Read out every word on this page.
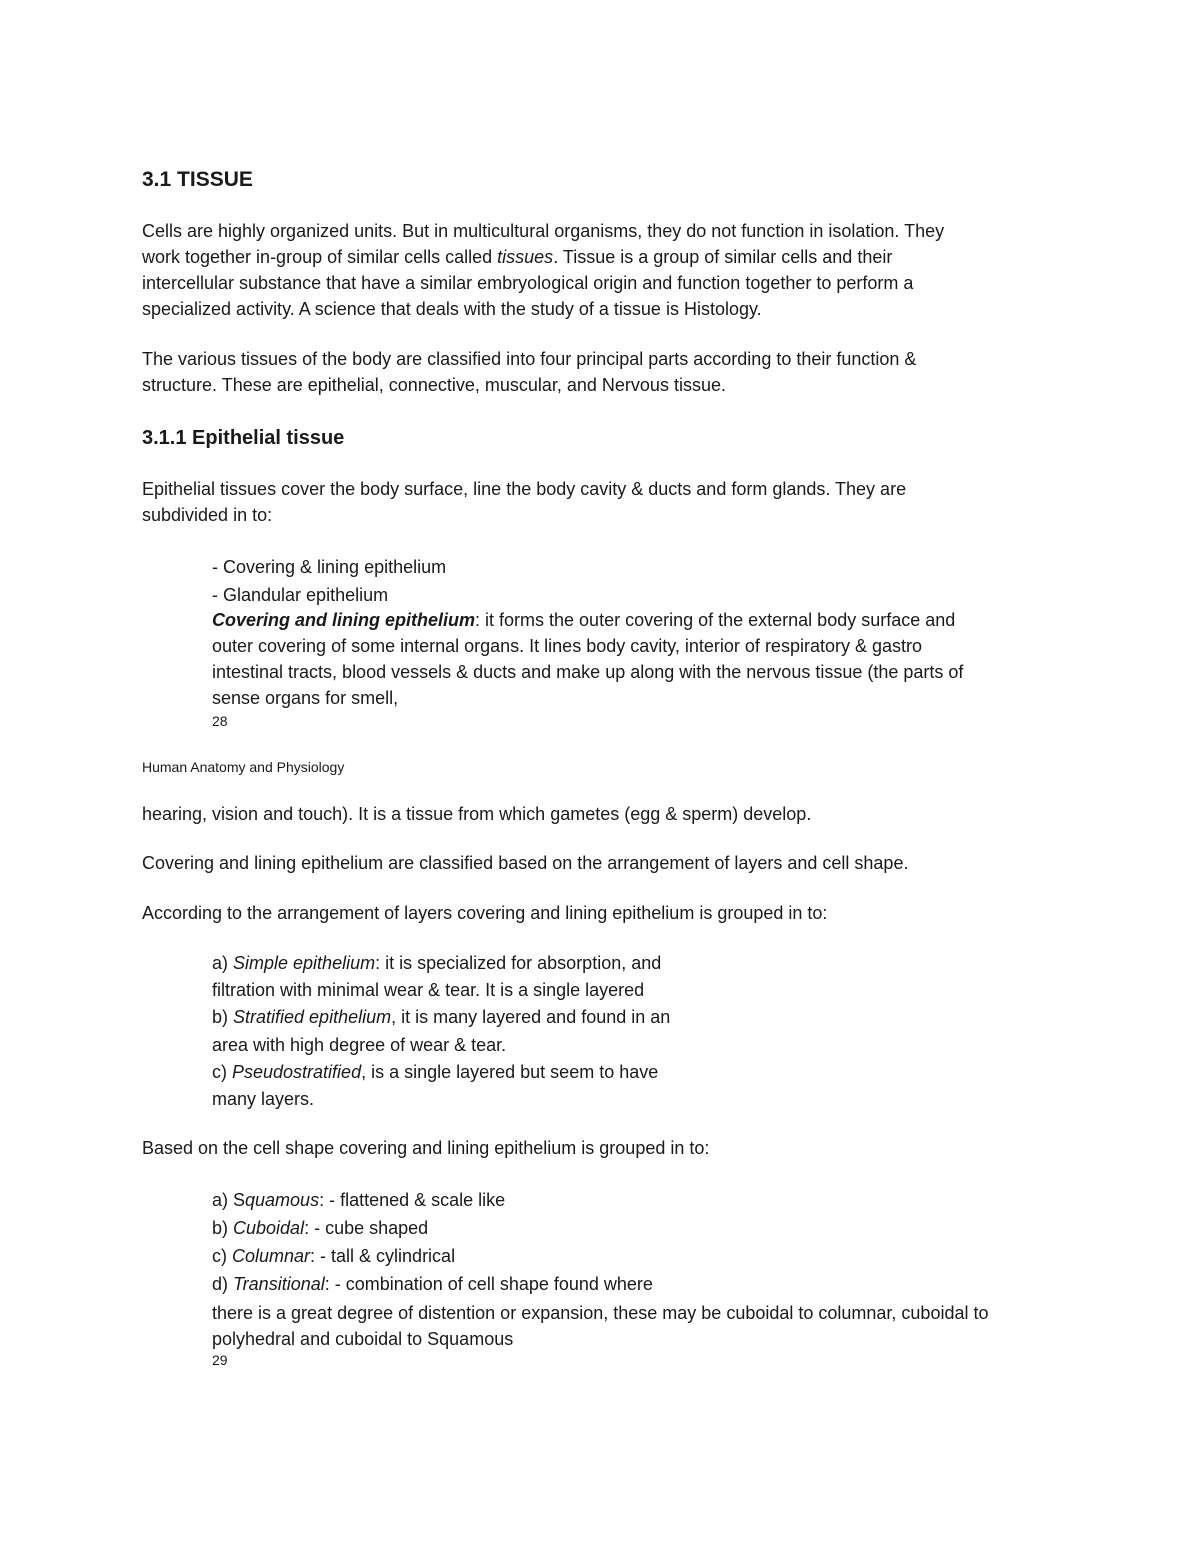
3.1 TISSUE
Cells are highly organized units. But in multicultural organisms, they do not function in isolation. They
work together in-group of similar cells called tissues. Tissue is a group of similar cells and their
intercellular substance that have a similar embryological origin and function together to perform a
specialized activity. A science that deals with the study of a tissue is Histology.
The various tissues of the body are classified into four principal parts according to their function &
structure. These are epithelial, connective, muscular, and Nervous tissue.
3.1.1 Epithelial tissue
Epithelial tissues cover the body surface, line the body cavity & ducts and form glands. They are
subdivided in to:
- Covering & lining epithelium
- Glandular epithelium
Covering and lining epithelium: it forms the outer covering of the external body surface and
outer covering of some internal organs. It lines body cavity, interior of respiratory & gastro
intestinal tracts, blood vessels & ducts and make up along with the nervous tissue (the parts of
sense organs for smell,
28
Human Anatomy and Physiology
hearing, vision and touch). It is a tissue from which gametes (egg & sperm) develop.
Covering and lining epithelium are classified based on the arrangement of layers and cell shape.
According to the arrangement of layers covering and lining epithelium is grouped in to:
a) Simple epithelium: it is specialized for absorption, and
filtration with minimal wear & tear. It is a single layered
b) Stratified epithelium, it is many layered and found in an
area with high degree of wear & tear.
c) Pseudostratified, is a single layered but seem to have
many layers.
Based on the cell shape covering and lining epithelium is grouped in to:
a) Squamous: - flattened & scale like
b) Cuboidal: - cube shaped
c) Columnar: - tall & cylindrical
d) Transitional: - combination of cell shape found where
there is a great degree of distention or expansion, these may be cuboidal to columnar, cuboidal to
polyhedral and cuboidal to Squamous
29
